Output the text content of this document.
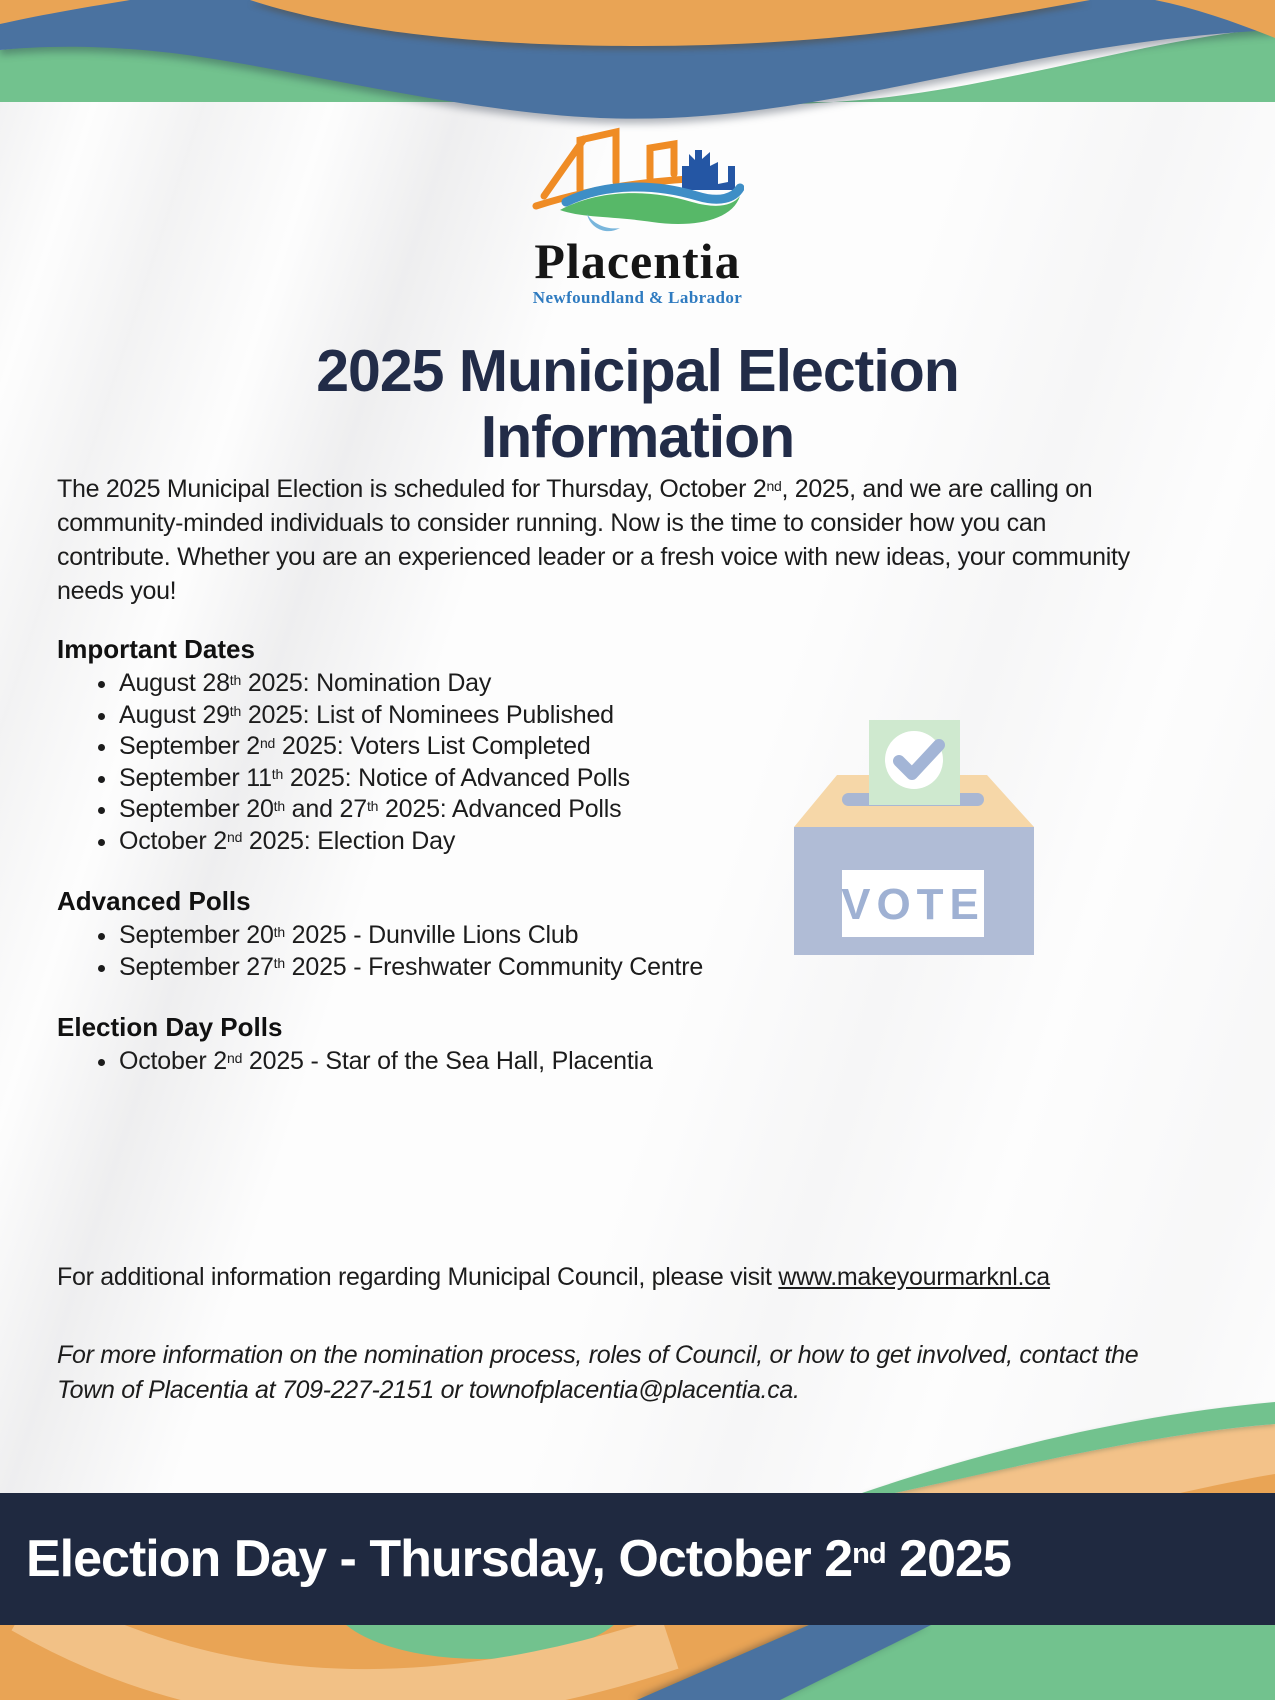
Placentia
Newfoundland & Labrador
2025 Municipal Election
Information

The 2025 Municipal Election is scheduled for Thursday, October 2nd, 2025, and we are calling on community-minded individuals to consider running. Now is the time to consider how you can contribute. Whether you are an experienced leader or a fresh voice with new ideas, your community needs you!

Important Dates
• August 28th 2025: Nomination Day
• August 29th 2025: List of Nominees Published
• September 2nd 2025: Voters List Completed
• September 11th 2025: Notice of Advanced Polls
• September 20th and 27th 2025: Advanced Polls
• October 2nd 2025: Election Day
Advanced Polls
• September 20th 2025 - Dunville Lions Club
• September 27th 2025 - Freshwater Community Centre
Election Day Polls
• October 2nd 2025 - Star of the Sea Hall, Placentia

For additional information regarding Municipal Council, please visit www.makeyourmarknl.ca

For more information on the nomination process, roles of Council, or how to get involved, contact the Town of Placentia at 709-227-2151 or townofplacentia@placentia.ca.

VOTE
Election Day - Thursday, October 2nd 2025
